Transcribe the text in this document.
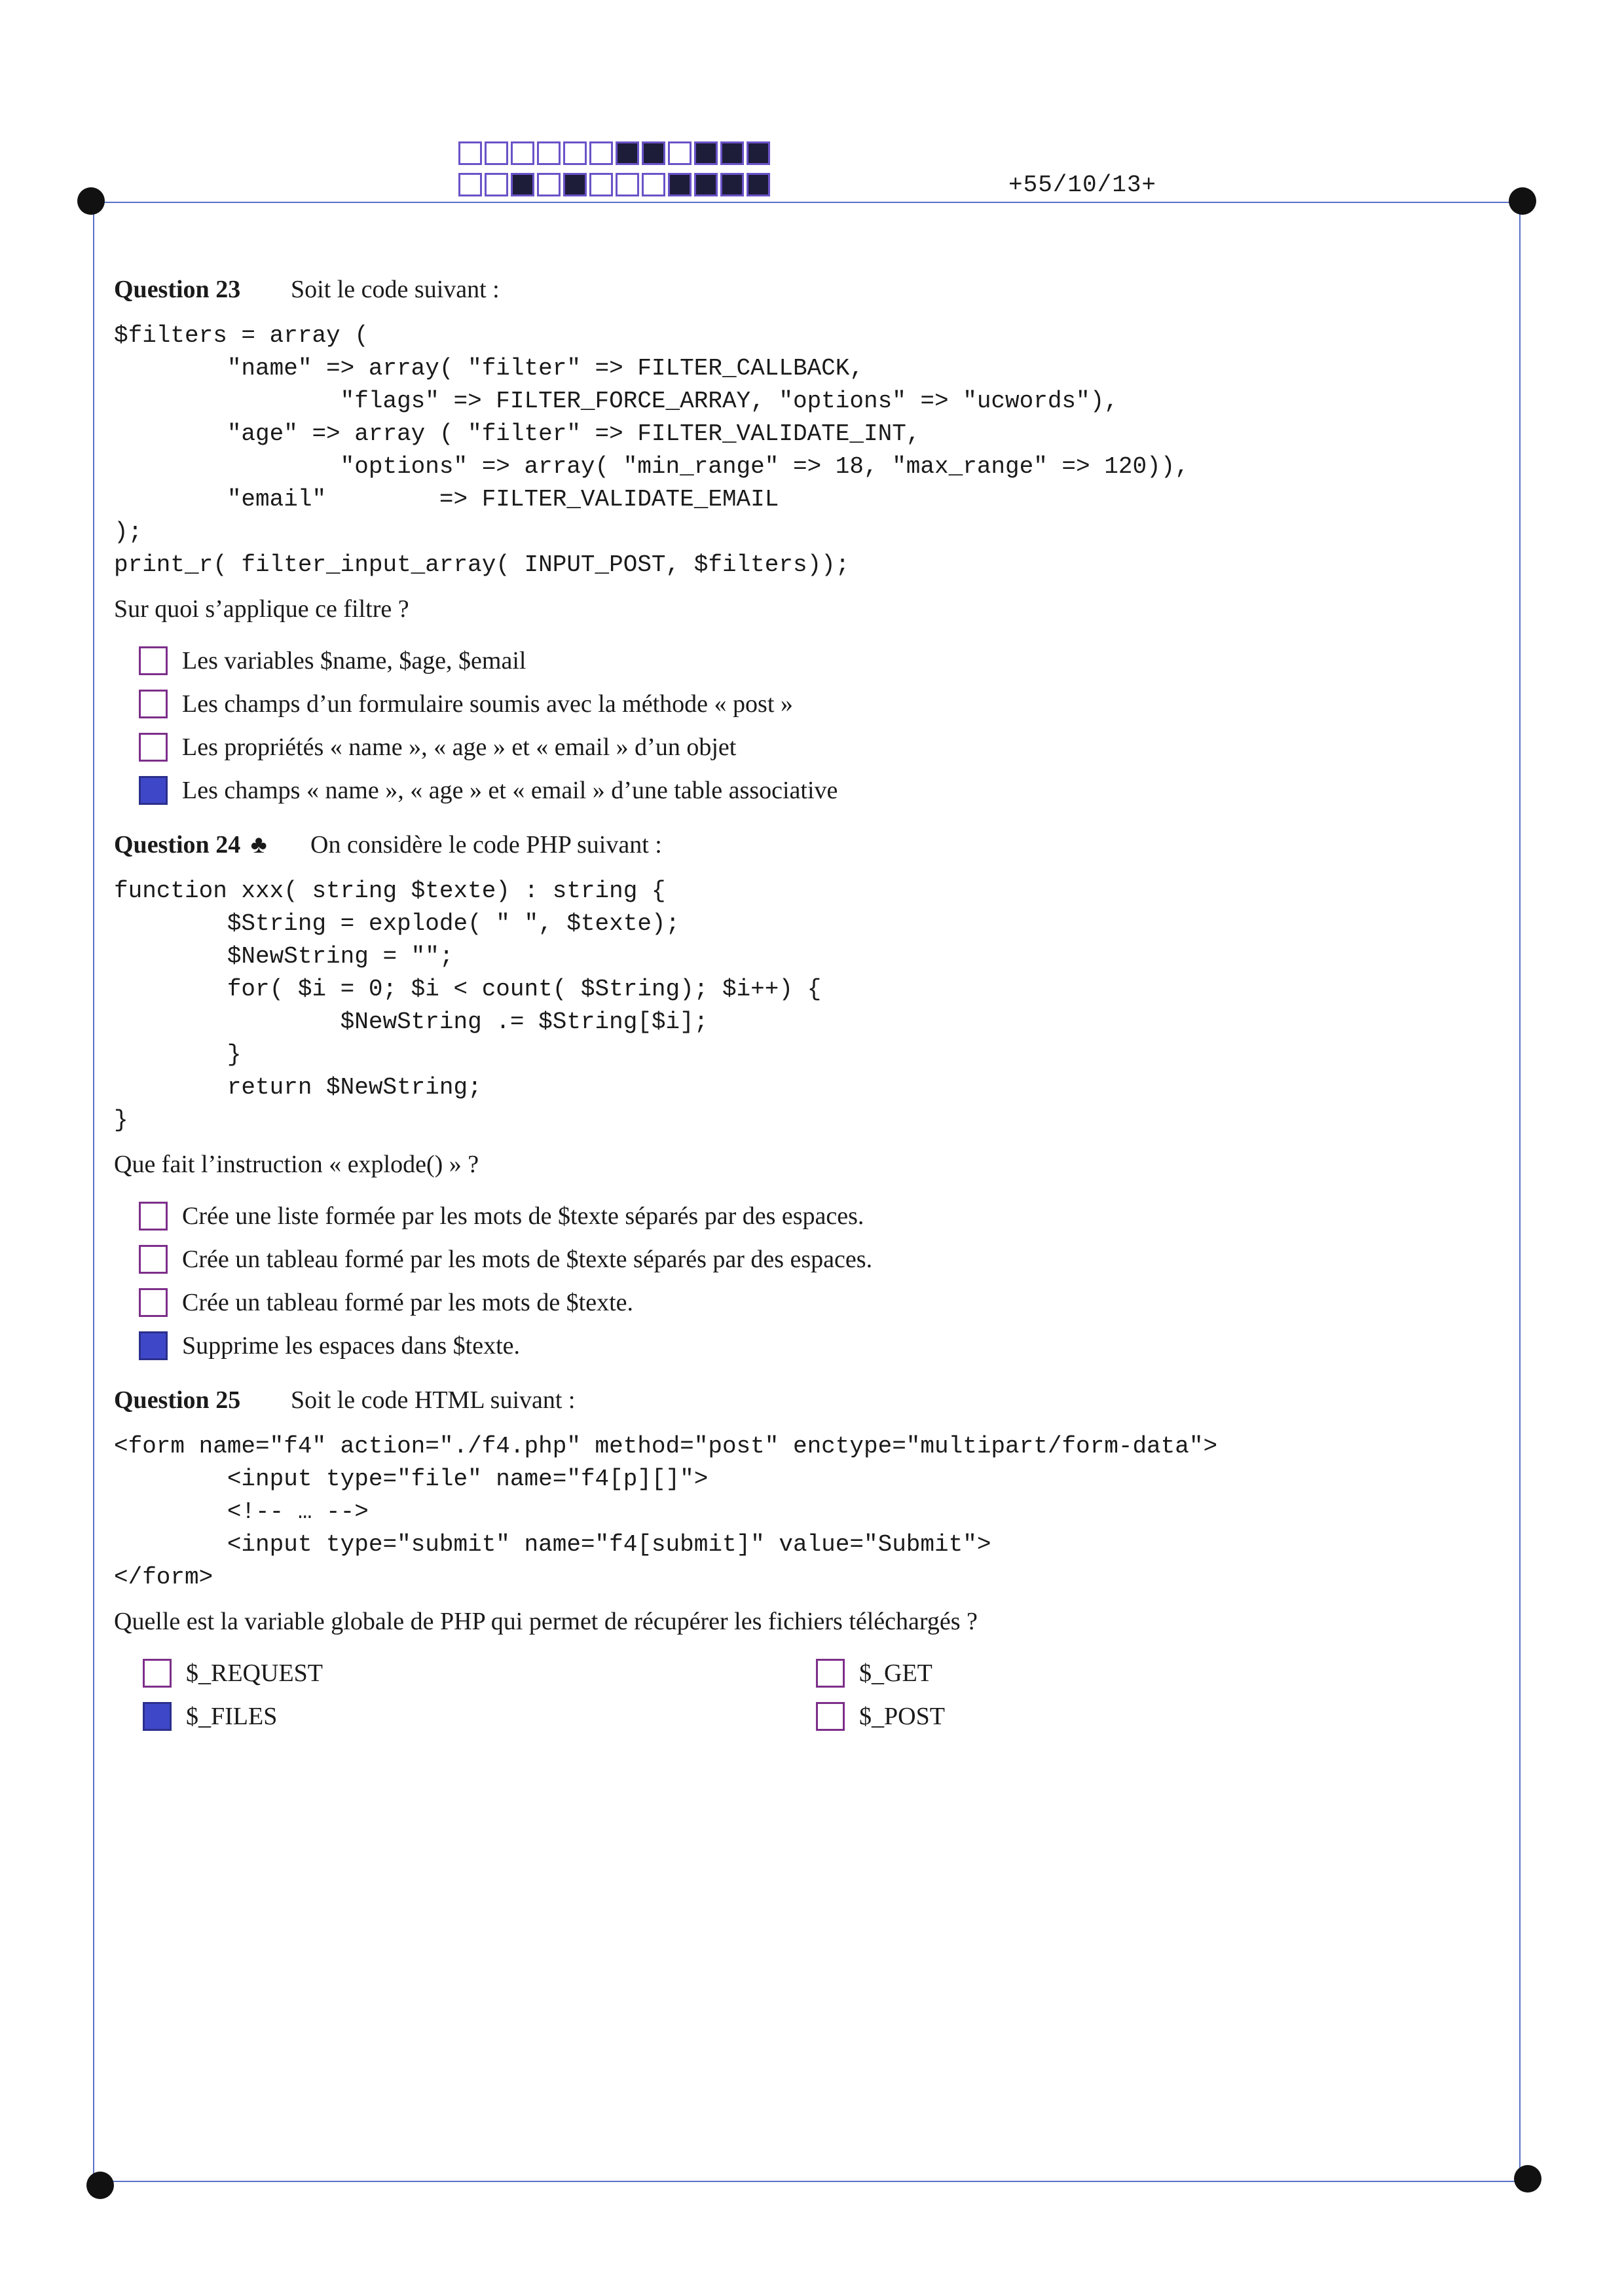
+55/10/13+
Question 23	Soit le code suivant :
$filters = array (
"name" => array( "filter" => FILTER_CALLBACK,
"flags" => FILTER_FORCE_ARRAY, "options" => "ucwords"),
"age" => array ( "filter" => FILTER_VALIDATE_INT,
"options" => array( "min_range" => 18, "max_range" => 120)),
"email"        => FILTER_VALIDATE_EMAIL
);
print_r( filter_input_array( INPUT_POST, $filters));
Sur quoi s’applique ce filtre ?
Les variables $name, $age, $email
Les champs d’un formulaire soumis avec la méthode « post »
Les propriétés « name », « age » et « email » d’un objet
Les champs « name », « age » et « email » d’une table associative
Question 24 ♣	On considère le code PHP suivant :
function xxx( string $texte) : string {
$String = explode( " ", $texte);
$NewString = "";
for( $i = 0; $i < count( $String); $i++) {
$NewString .= $String[$i];
}
return $NewString;
}
Que fait l’instruction « explode() » ?
Crée une liste formée par les mots de $texte séparés par des espaces.
Crée un tableau formé par les mots de $texte séparés par des espaces.
Crée un tableau formé par les mots de $texte.
Supprime les espaces dans $texte.
Question 25	Soit le code HTML suivant :
<form name="f4" action="./f4.php" method="post" enctype="multipart/form-data">
<input type="file" name="f4[p][]">
<!-- … -->
<input type="submit" name="f4[submit]" value="Submit">
</form>
Quelle est la variable globale de PHP qui permet de récupérer les fichiers téléchargés ?
$_REQUEST
$_FILES
$_GET
$_POST
